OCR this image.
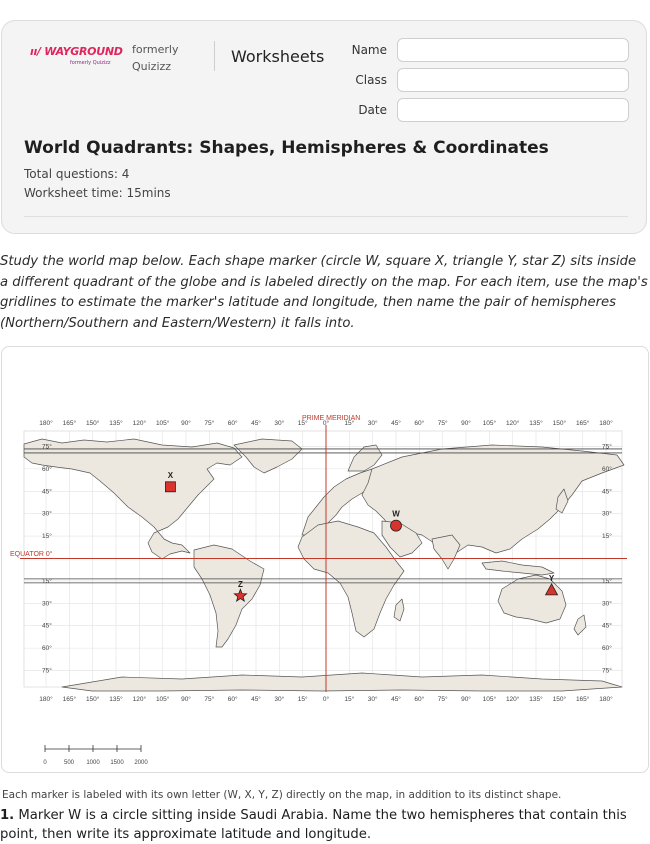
ıı/ WAYGROUND
formerly Quizizz
formerly
Quizizz
Worksheets	Name
Class
Date
World Quadrants: Shapes, Hemispheres & Coordinates
Total questions: 4
Worksheet time: 15mins
Study the world map below. Each shape marker (circle W, square X, triangle Y, star Z) sits inside a different quadrant of the globe and is labeled directly on the map. For each item, use the map's gridlines to estimate the marker's latitude and longitude, then name the pair of hemispheres (Northern/Southern and Eastern/Western) it falls into.
180°
180°
165°
165°
150°
150°
135°
135°
120°
120°
105°
105°
90°
90°
75°
75°
60°
60°
45°
45°
30°
30°
15°
15°
0°
0°
15°
15°
30°
30°
45°
45°
60°
60°
75°
75°
90°
90°
105°
105°
120°
120°
135°
135°
150°
150°
165°
165°
180°
180°
75°	75°
60°	60°
45°	45°
30°	30°
15°	15°
15°	15°
30°	30°
45°	45°
60°	60°
75°	75°
PRIME MERIDIAN
EQUATOR 0°
W
X
Y
Z
0	500 1000 1500 2000
Each marker is labeled with its own letter (W, X, Y, Z) directly on the map, in addition to its distinct shape.
1. Marker W is a circle sitting inside Saudi Arabia. Name the two hemispheres that contain this point, then write its approximate latitude and longitude.
